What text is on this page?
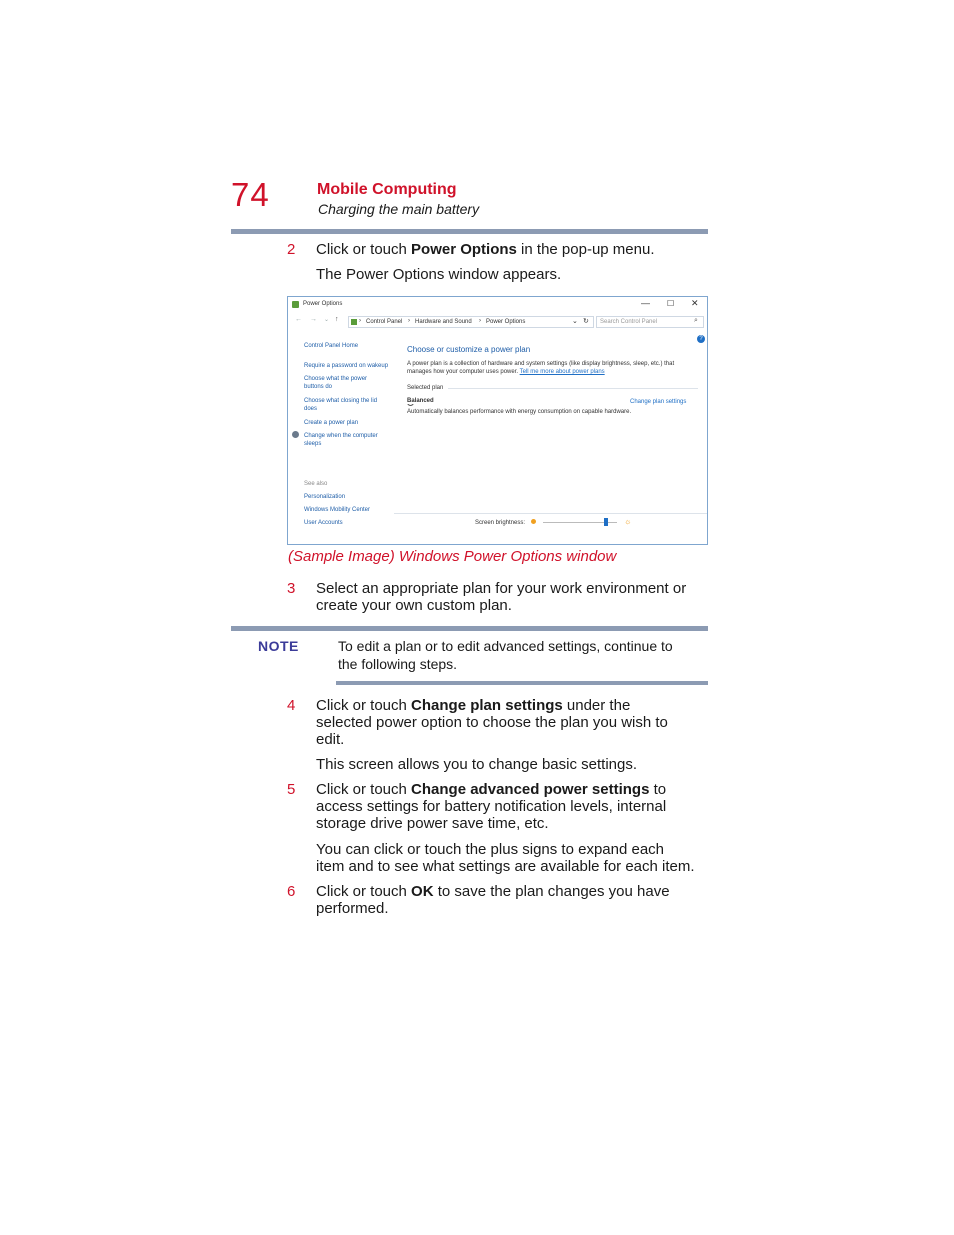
74	Mobile Computing
Charging the main battery
2 Click or touch Power Options in the pop-up menu.
The Power Options window appears.
Power Options	— ☐ ✕
← → ⌄ ↑	› Control Panel › Hardware and Sound › Power Options	⌄ ↻ Search Control Panel	⌕
?
Control Panel Home
Require a password on wakeup
Choose what the power
buttons do
Choose what closing the lid
does
Create a power plan
Change when the computer
sleeps
See also
Personalization
Windows Mobility Center
User Accounts
Choose or customize a power plan
A power plan is a collection of hardware and system settings (like display brightness, sleep, etc.) that
manages how your computer uses power. Tell me more about power plans
Selected plan
Balanced	Change plan settings
Automatically balances performance with energy consumption on capable hardware.
Screen brightness:	☼
(Sample Image) Windows Power Options window
3 Select an appropriate plan for your work environment or
create your own custom plan.
NOTE	To edit a plan or to edit advanced settings, continue to
the following steps.
4 Click or touch Change plan settings under the
selected power option to choose the plan you wish to
edit.
This screen allows you to change basic settings.
5 Click or touch Change advanced power settings to
access settings for battery notification levels, internal
storage drive power save time, etc.
You can click or touch the plus signs to expand each
item and to see what settings are available for each item.
6 Click or touch OK to save the plan changes you have
performed.
